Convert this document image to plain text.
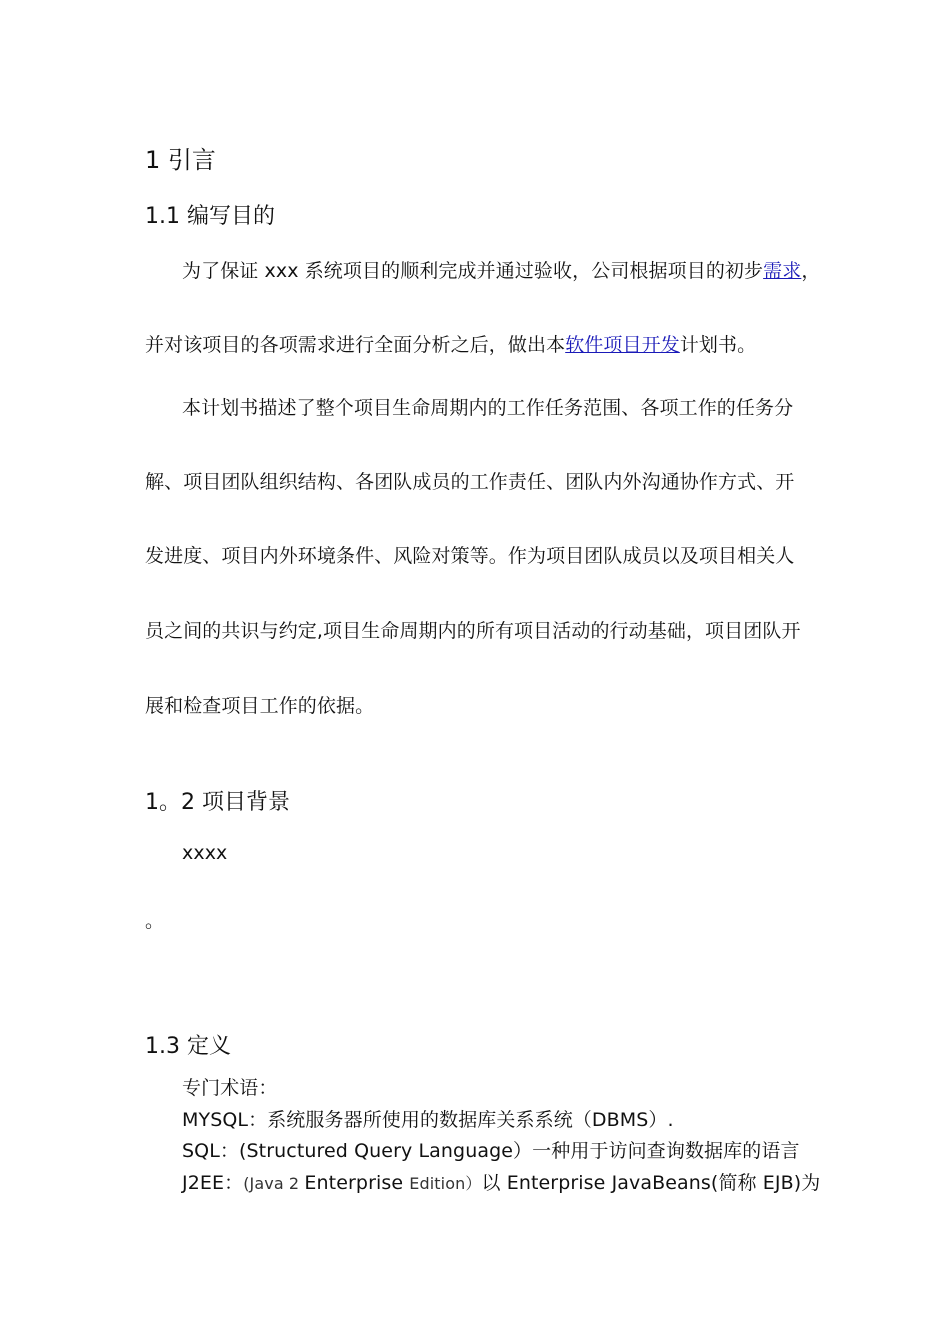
1 引言
1.1 编写目的
为了保证 xxx 系统项目的顺利完成并通过验收，公司根据项目的初步需求，
并对该项目的各项需求进行全面分析之后，做出本软件项目开发计划书。
本计划书描述了整个项目生命周期内的工作任务范围、各项工作的任务分
解、项目团队组织结构、各团队成员的工作责任、团队内外沟通协作方式、开
发进度、项目内外环境条件、风险对策等。作为项目团队成员以及项目相关人
员之间的共识与约定,项目生命周期内的所有项目活动的行动基础，项目团队开
展和检查项目工作的依据。
1。2 项目背景
xxxx
。
1.3 定义
专门术语：
MYSQL：系统服务器所使用的数据库关系系统（DBMS）.
SQL：(Structured Query Language）一种用于访问查询数据库的语言
J2EE：(Java 2 Enterprise Edition）以 Enterprise JavaBeans(简称 EJB)为
